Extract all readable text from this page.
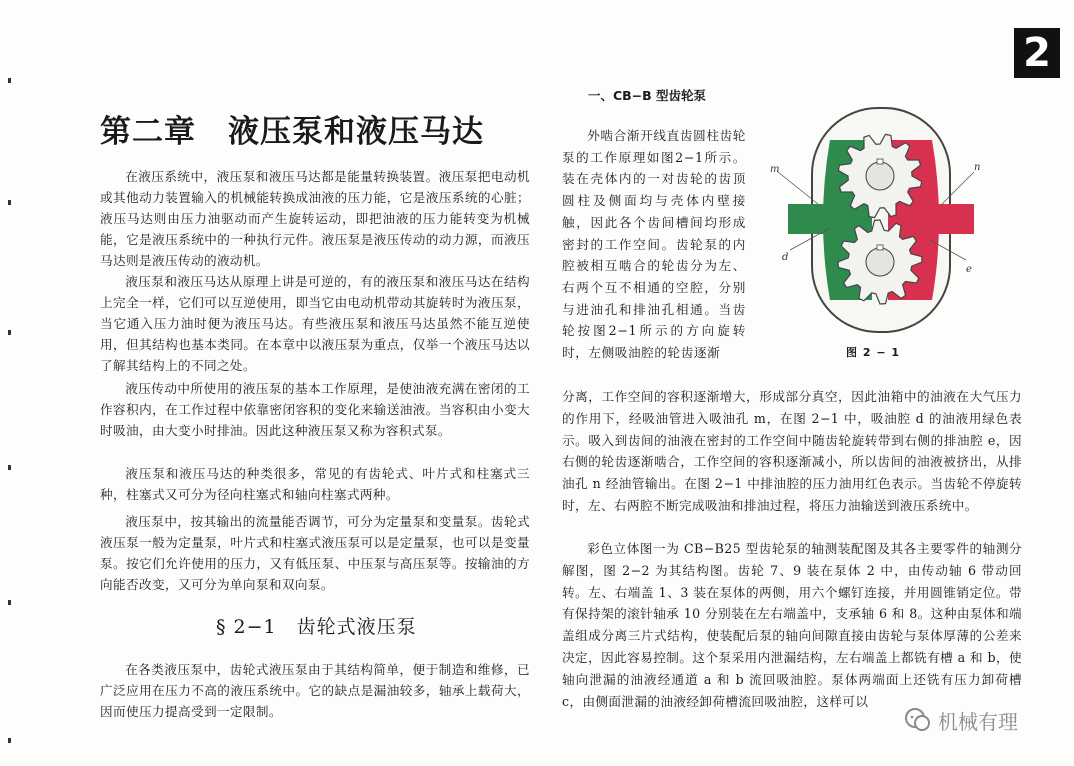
2
第二章　液压泵和液压马达

在液压系统中，液压泵和液压马达都是能量转换装置。液压泵把电动机或其他动力装置输入的机械能转换成油液的压力能，它是液压系统的心脏；液压马达则由压力油驱动而产生旋转运动，即把油液的压力能转变为机械能，它是液压系统中的一种执行元件。液压泵是液压传动的动力源，而液压马达则是液压传动的液动机。

液压泵和液压马达从原理上讲是可逆的，有的液压泵和液压马达在结构上完全一样，它们可以互逆使用，即当它由电动机带动其旋转时为液压泵，当它通入压力油时便为液压马达。有些液压泵和液压马达虽然不能互逆使用，但其结构也基本类同。在本章中以液压泵为重点，仅举一个液压马达以了解其结构上的不同之处。

液压传动中所使用的液压泵的基本工作原理，是使油液充满在密闭的工作容积内，在工作过程中依靠密闭容积的变化来输送油液。当容积由小变大时吸油，由大变小时排油。因此这种液压泵又称为容积式泵。

液压泵和液压马达的种类很多，常见的有齿轮式、叶片式和柱塞式三种，柱塞式又可分为径向柱塞式和轴向柱塞式两种。

液压泵中，按其输出的流量能否调节，可分为定量泵和变量泵。齿轮式液压泵一般为定量泵，叶片式和柱塞式液压泵可以是定量泵，也可以是变量泵。按它们允许使用的压力，又有低压泵、中压泵与高压泵等。按输油的方向能否改变，又可分为单向泵和双向泵。

§ 2−1　齿轮式液压泵

在各类液压泵中，齿轮式液压泵由于其结构简单，便于制造和维修，已广泛应用在压力不高的液压系统中。它的缺点是漏油较多，轴承上载荷大，因而使压力提高受到一定限制。

一、CB−B 型齿轮泵

外啮合渐开线直齿圆柱齿轮泵的工作原理如图2−1所示。装在壳体内的一对齿轮的齿顶圆柱及侧面均与壳体内壁接触，因此各个齿间槽间均形成密封的工作空间。齿轮泵的内腔被相互啮合的轮齿分为左、右两个互不相通的空腔，分别与进油孔和排油孔相通。当齿轮按图2−1所示的方向旋转时，左侧吸油腔的轮齿逐渐

m	n
d
e

图 2 − 1

分离，工作空间的容积逐渐增大，形成部分真空，因此油箱中的油液在大气压力的作用下，经吸油管进入吸油孔 m，在图 2−1 中，吸油腔 d 的油液用绿色表示。吸入到齿间的油液在密封的工作空间中随齿轮旋转带到右侧的排油腔 e，因右侧的轮齿逐渐啮合，工作空间的容积逐渐减小，所以齿间的油液被挤出，从排油孔 n 经油管输出。在图 2−1 中排油腔的压力油用红色表示。当齿轮不停旋转时，左、右两腔不断完成吸油和排油过程，将压力油输送到液压系统中。

彩色立体图一为 CB−B25 型齿轮泵的轴测装配图及其各主要零件的轴测分解图，图 2−2 为其结构图。齿轮 7、9 装在泵体 2 中，由传动轴 6 带动回转。左、右端盖 1、3 装在泵体的两侧，用六个螺钉连接，并用圆锥销定位。带有保持架的滚针轴承 10 分别装在左右端盖中，支承轴 6 和 8。这种由泵体和端盖组成分离三片式结构，使装配后泵的轴向间隙直接由齿轮与泵体厚薄的公差来决定，因此容易控制。这个泵采用内泄漏结构，左右端盖上都铣有槽 a 和 b，使轴向泄漏的油液经通道 a 和 b 流回吸油腔。泵体两端面上还铣有压力卸荷槽 c，由侧面泄漏的油液经卸荷槽流回吸油腔，这样可以

机械有理
